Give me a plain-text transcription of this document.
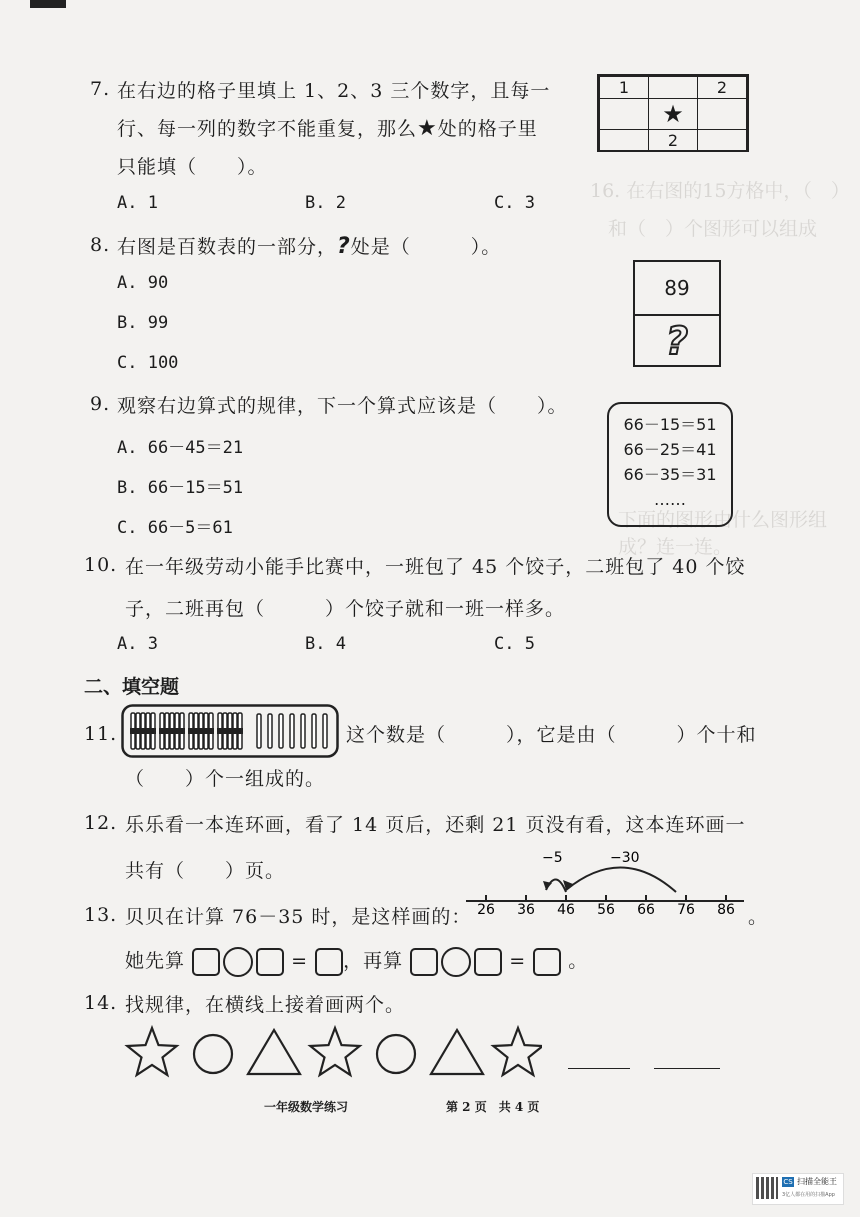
16. 在右图的15方格中，（　）
和（　）个图形可以组成
下面的图形由什么图形组成？连一连。
7. 在右边的格子里填上 1、2、3 三个数字，且每一
行、每一列的数字不能重复，那么★处的格子里
只能填（　　）。
A. 1	B. 2	C. 3
1		2
	★	
	2	
8. 右图是百数表的一部分，?处是（　　　）。
A. 90
B. 99
C. 100
89
?
9. 观察右边算式的规律，下一个算式应该是（　　）。
A. 66－45＝21
B. 66－15＝51
C. 66－5＝61
66－15＝51
66－25＝41
66－35＝31
……
10. 在一年级劳动小能手比赛中，一班包了 45 个饺子，二班包了 40 个饺
子，二班再包（　　　）个饺子就和一班一样多。
A. 3	B. 4	C. 5
二、填空题
11.	这个数是（　　　），它是由（　　　）个十和
（　　）个一组成的。
12. 乐乐看一本连环画，看了 14 页后，还剩 21 页没有看，这本连环画一
共有（　　）页。
13. 贝贝在计算 76－35 时，是这样画的： 26 36 46 56 66 76 86
−30
−5
。
她先算	= ，再算	= 。
14. 找规律，在横线上接着画两个。
一年级数学练习	第 2 页　共 4 页
CS 扫描全能王
3亿人都在用的扫描App
